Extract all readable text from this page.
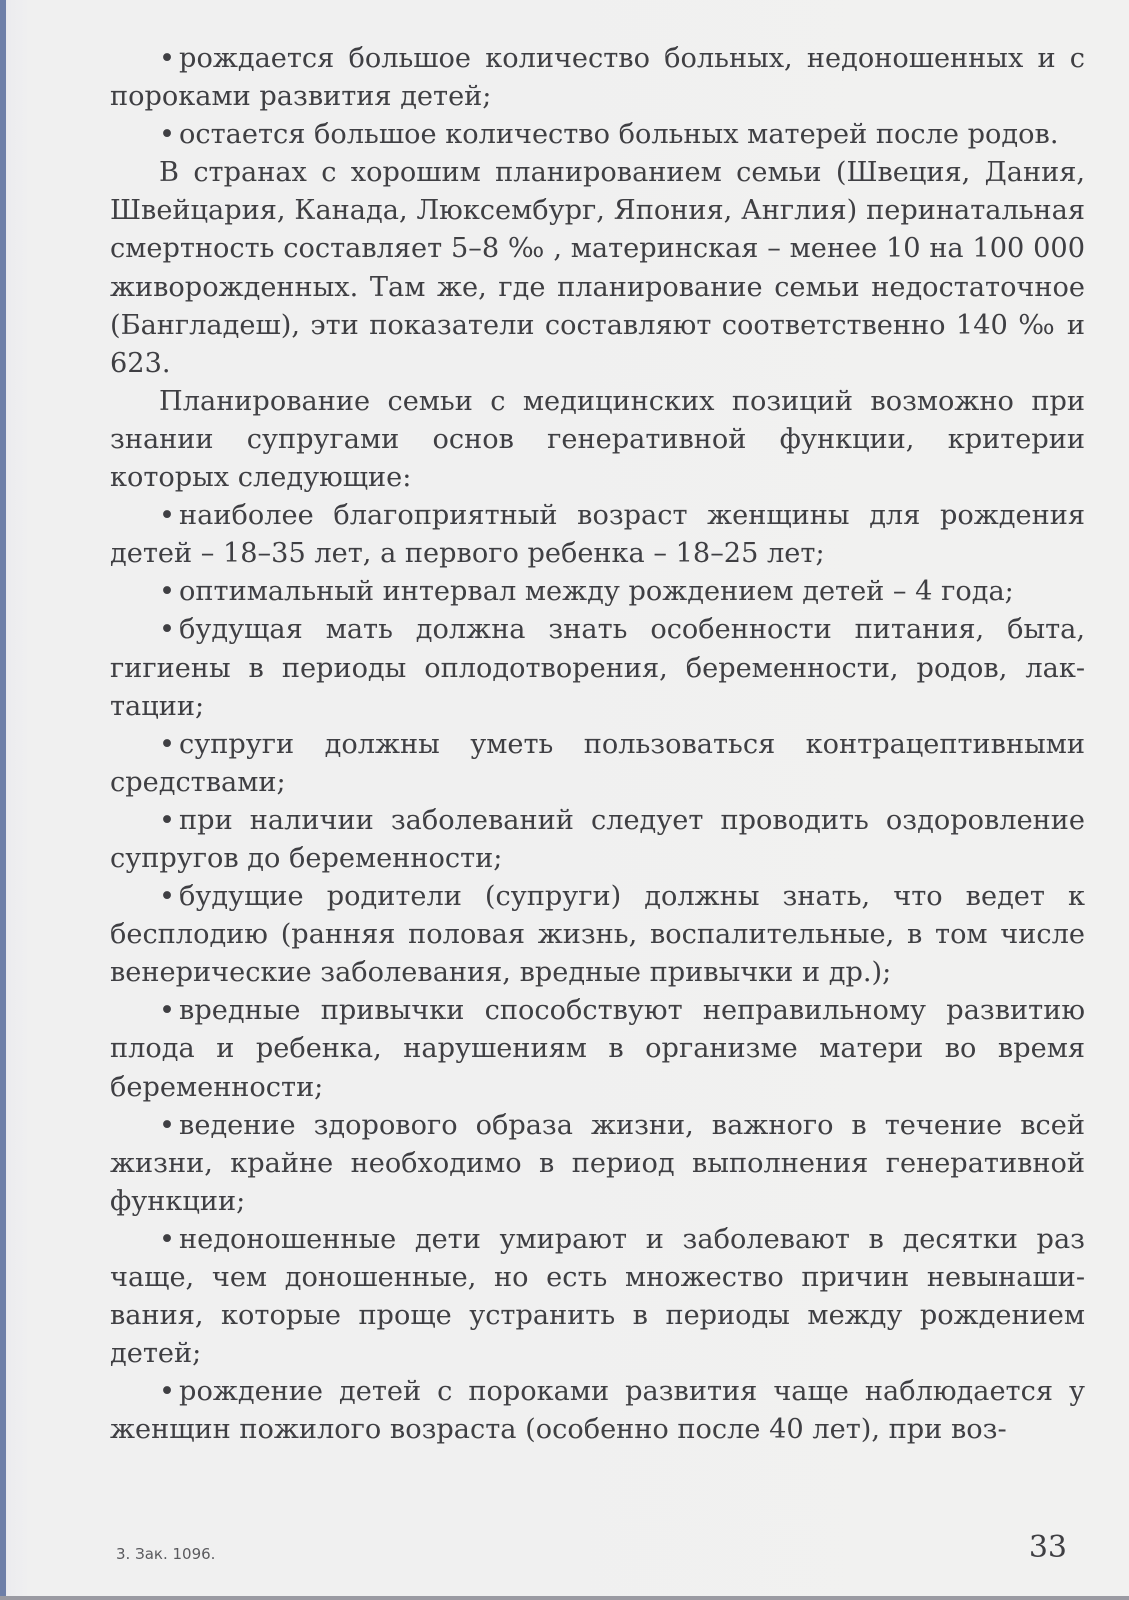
• рождается большое количество больных, недоношенных и с пороками развития детей;

• остается большое количество больных матерей после родов.

В странах с хорошим планированием семьи (Швеция, Дания, Швейцария, Канада, Люксембург, Япония, Англия) перинатальная смертность составляет 5–8 ‰ , материнская – менее 10 на 100 000 живорожденных. Там же, где планирование семьи недостаточное (Бангладеш), эти показатели составляют соответственно 140 ‰ и 623.

Планирование семьи с медицинских позиций возможно при знании супругами основ генеративной функции, критерии которых следующие:

• наиболее благоприятный возраст женщины для рождения детей – 18–35 лет, а первого ребенка – 18–25 лет;

• оптимальный интервал между рождением детей – 4 года;

• будущая мать должна знать особенности питания, быта, гигиены в периоды оплодотворения, беременности, родов, лактации;

• супруги должны уметь пользоваться контрацептивными средствами;

• при наличии заболеваний следует проводить оздоровление супругов до беременности;

• будущие родители (супруги) должны знать, что ведет к бесплодию (ранняя половая жизнь, воспалительные, в том числе венерические заболевания, вредные привычки и др.);

• вредные привычки способствуют неправильному развитию плода и ребенка, нарушениям в организме матери во время беременности;

• ведение здорового образа жизни, важного в течение всей жизни, крайне необходимо в период выполнения генеративной функции;

• недоношенные дети умирают и заболевают в десятки раз чаще, чем доношенные, но есть множество причин невынашивания, которые проще устранить в периоды между рождением детей;

• рождение детей с пороками развития чаще наблюдается у женщин пожилого возраста (особенно после 40 лет), при воз-

3. Зак. 1096.	33
